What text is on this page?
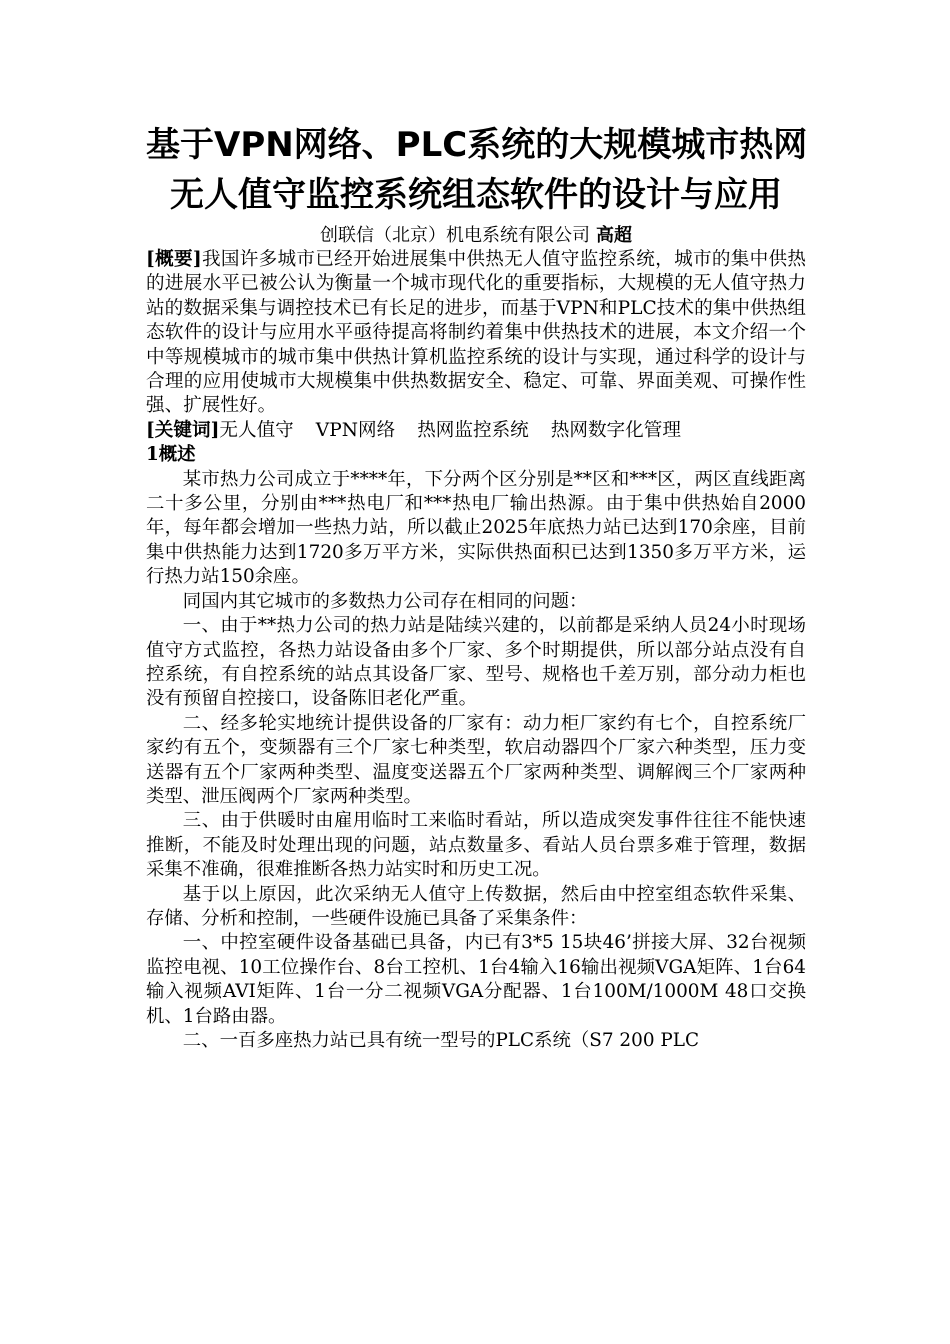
基于VPN网络、PLC系统的大规模城市热网
无人值守监控系统组态软件的设计与应用
创联信（北京）机电系统有限公司 高超

[概要]我国许多城市已经开始进展集中供热无人值守监控系统，城市的集中供热的进展水平已被公认为衡量一个城市现代化的重要指标，大规模的无人值守热力站的数据采集与调控技术已有长足的进步，而基于VPN和PLC技术的集中供热组态软件的设计与应用水平亟待提高将制约着集中供热技术的进展，本文介绍一个中等规模城市的城市集中供热计算机监控系统的设计与实现，通过科学的设计与合理的应用使城市大规模集中供热数据安全、稳定、可靠、界面美观、可操作性强、扩展性好。

[关键词]无人值守 VPN网络 热网监控系统 热网数字化管理

1概述

某市热力公司成立于****年，下分两个区分别是**区和***区，两区直线距离二十多公里，分别由***热电厂和***热电厂输出热源。由于集中供热始自2000年，每年都会增加一些热力站，所以截止2025年底热力站已达到170余座，目前集中供热能力达到1720多万平方米，实际供热面积已达到1350多万平方米，运行热力站150余座。

同国内其它城市的多数热力公司存在相同的问题：

一、由于**热力公司的热力站是陆续兴建的，以前都是采纳人员24小时现场值守方式监控，各热力站设备由多个厂家、多个时期提供，所以部分站点没有自控系统，有自控系统的站点其设备厂家、型号、规格也千差万别，部分动力柜也没有预留自控接口，设备陈旧老化严重。

二、经多轮实地统计提供设备的厂家有：动力柜厂家约有七个，自控系统厂家约有五个，变频器有三个厂家七种类型，软启动器四个厂家六种类型，压力变送器有五个厂家两种类型、温度变送器五个厂家两种类型、调解阀三个厂家两种类型、泄压阀两个厂家两种类型。

三、由于供暖时由雇用临时工来临时看站，所以造成突发事件往往不能快速推断，不能及时处理出现的问题，站点数量多、看站人员台票多难于管理，数据采集不准确，很难推断各热力站实时和历史工况。

基于以上原因，此次采纳无人值守上传数据，然后由中控室组态软件采集、存储、分析和控制，一些硬件设施已具备了采集条件：

一、中控室硬件设备基础已具备，内已有3*5 15块46’拼接大屏、32台视频监控电视、10工位操作台、8台工控机、1台4输入16输出视频VGA矩阵、1台64输入视频AVI矩阵、1台一分二视频VGA分配器、1台100M/1000M 48口交换机、1台路由器。

二、一百多座热力站已具有统一型号的PLC系统（S7 200 PLC
